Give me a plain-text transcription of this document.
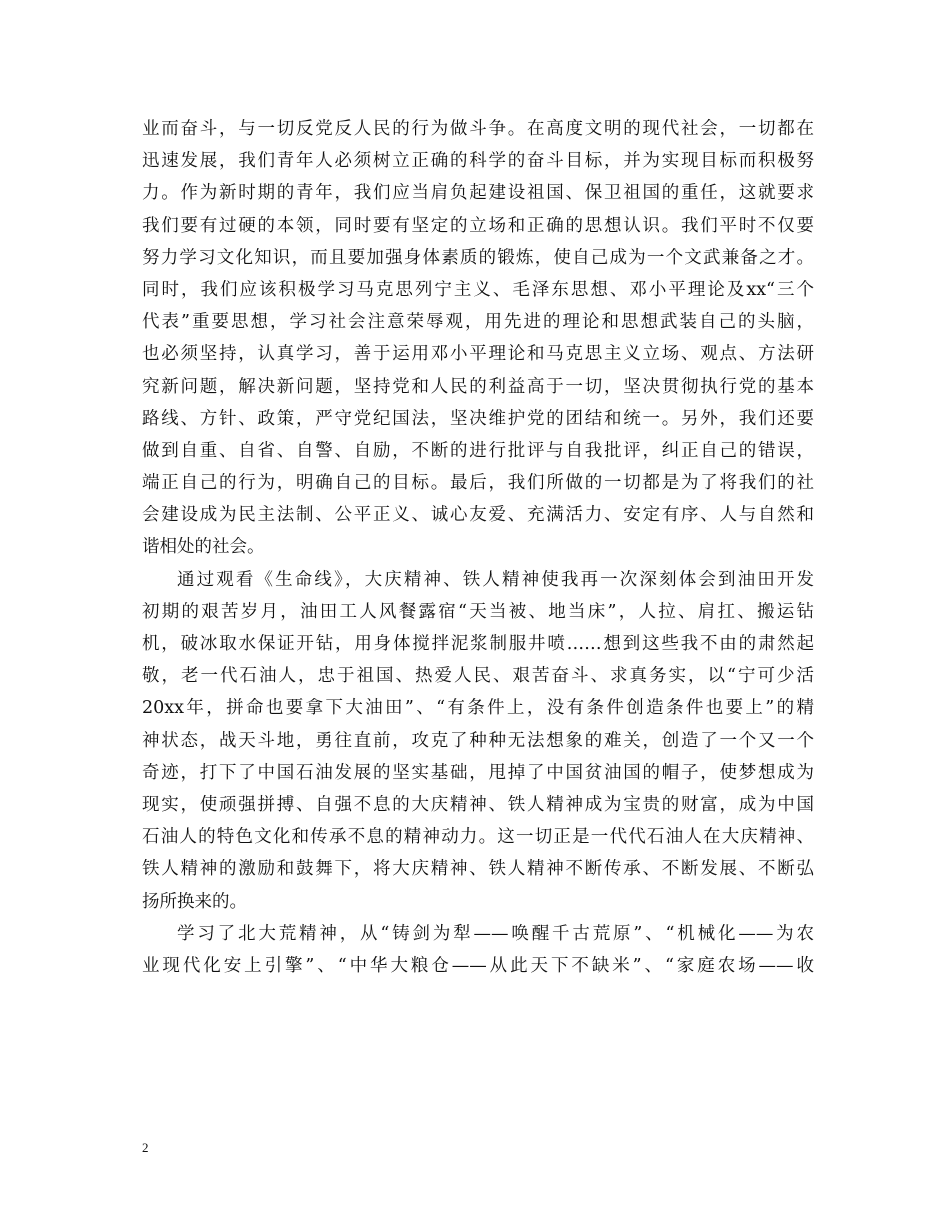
业而奋斗，与一切反党反人民的行为做斗争。在高度文明的现代社会，一切都在
迅速发展，我们青年人必须树立正确的科学的奋斗目标，并为实现目标而积极努
力。作为新时期的青年，我们应当肩负起建设祖国、保卫祖国的重任，这就要求
我们要有过硬的本领，同时要有坚定的立场和正确的思想认识。我们平时不仅要
努力学习文化知识，而且要加强身体素质的锻炼，使自己成为一个文武兼备之才。
同时，我们应该积极学习马克思列宁主义、毛泽东思想、邓小平理论及xx“三个
代表”重要思想，学习社会注意荣辱观，用先进的理论和思想武装自己的头脑，
也必须坚持，认真学习，善于运用邓小平理论和马克思主义立场、观点、方法研
究新问题，解决新问题，坚持党和人民的利益高于一切，坚决贯彻执行党的基本
路线、方针、政策，严守党纪国法，坚决维护党的团结和统一。另外，我们还要
做到自重、自省、自警、自励，不断的进行批评与自我批评，纠正自己的错误，
端正自己的行为，明确自己的目标。最后，我们所做的一切都是为了将我们的社
会建设成为民主法制、公平正义、诚心友爱、充满活力、安定有序、人与自然和
谐相处的社会。
通过观看《生命线》，大庆精神、铁人精神使我再一次深刻体会到油田开发
初期的艰苦岁月，油田工人风餐露宿“天当被、地当床”，人拉、肩扛、搬运钻
机，破冰取水保证开钻，用身体搅拌泥浆制服井喷……想到这些我不由的肃然起
敬，老一代石油人，忠于祖国、热爱人民、艰苦奋斗、求真务实，以“宁可少活
20xx年，拼命也要拿下大油田”、“有条件上，没有条件创造条件也要上”的精
神状态，战天斗地，勇往直前，攻克了种种无法想象的难关，创造了一个又一个
奇迹，打下了中国石油发展的坚实基础，甩掉了中国贫油国的帽子，使梦想成为
现实，使顽强拼搏、自强不息的大庆精神、铁人精神成为宝贵的财富，成为中国
石油人的特色文化和传承不息的精神动力。这一切正是一代代石油人在大庆精神、
铁人精神的激励和鼓舞下，将大庆精神、铁人精神不断传承、不断发展、不断弘
扬所换来的。
学习了北大荒精神，从“铸剑为犁——唤醒千古荒原”、“机械化——为农
业现代化安上引擎”、“中华大粮仓——从此天下不缺米”、“家庭农场——收
2
